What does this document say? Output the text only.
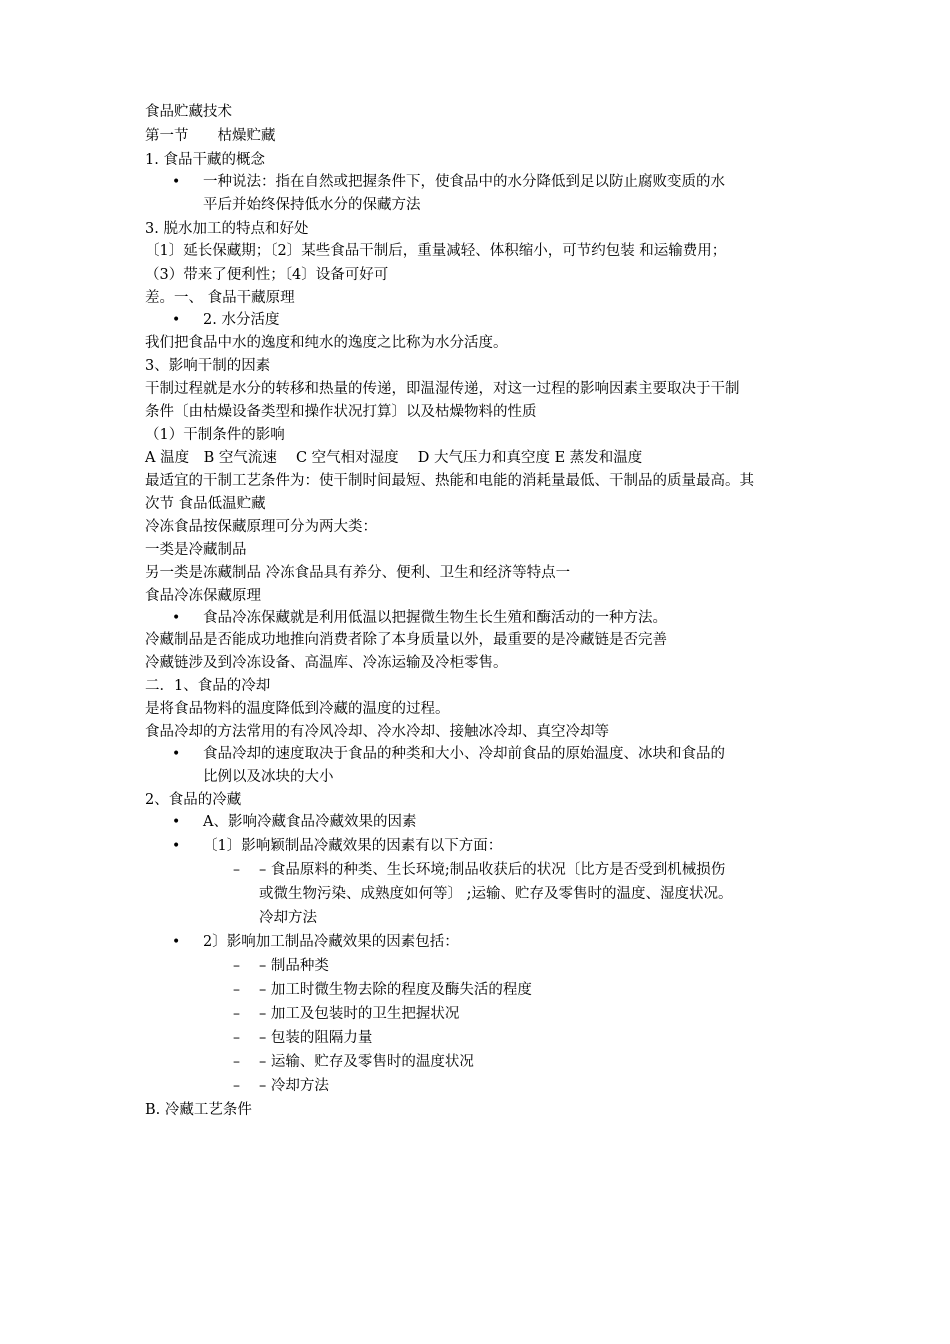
食品贮藏技术
第一节　　枯燥贮藏
1. 食品干藏的概念
• 一种说法：指在自然或把握条件下，使食品中的水分降低到足以防止腐败变质的水
平后并始终保持低水分的保藏方法
3. 脱水加工的特点和好处
〔1〕延长保藏期；〔2〕某些食品干制后，重量减轻、体积缩小，可节约包装 和运输费用；
（3）带来了便利性；〔4〕设备可好可
差。一、 食品干藏原理
• 2. 水分活度
我们把食品中水的逸度和纯水的逸度之比称为水分活度。
3、影响干制的因素
干制过程就是水分的转移和热量的传递，即温湿传递，对这一过程的影响因素主要取决于干制
条件〔由枯燥设备类型和操作状况打算〕以及枯燥物料的性质
（1）干制条件的影响
A 温度　B 空气流速　 C 空气相对湿度　 D 大气压力和真空度 E 蒸发和温度
最适宜的干制工艺条件为：使干制时间最短、热能和电能的消耗量最低、干制品的质量最高。其
次节 食品低温贮藏
冷冻食品按保藏原理可分为两大类：
一类是冷藏制品
另一类是冻藏制品 冷冻食品具有养分、便利、卫生和经济等特点一
食品冷冻保藏原理
• 食品冷冻保藏就是利用低温以把握微生物生长生殖和酶活动的一种方法。
冷藏制品是否能成功地推向消费者除了本身质量以外，最重要的是冷藏链是否完善
冷藏链涉及到冷冻设备、高温库、冷冻运输及冷柜零售。
二．1、食品的冷却
是将食品物料的温度降低到冷藏的温度的过程。
食品冷却的方法常用的有冷风冷却、冷水冷却、接触冰冷却、真空冷却等
• 食品冷却的速度取决于食品的种类和大小、冷却前食品的原始温度、冰块和食品的
比例以及冰块的大小
2、食品的冷藏
• A、影响冷藏食品冷藏效果的因素
• 〔1〕影响颖制品冷藏效果的因素有以下方面：
– – 食品原料的种类、生长环境;制品收获后的状况〔比方是否受到机械损伤
或微生物污染、成熟度如何等〕 ;运输、贮存及零售时的温度、湿度状况。
冷却方法
• 2〕影响加工制品冷藏效果的因素包括：
– – 制品种类
– – 加工时微生物去除的程度及酶失活的程度
– – 加工及包装时的卫生把握状况
– – 包装的阻隔力量
– – 运输、贮存及零售时的温度状况
– – 冷却方法
B. 冷藏工艺条件
